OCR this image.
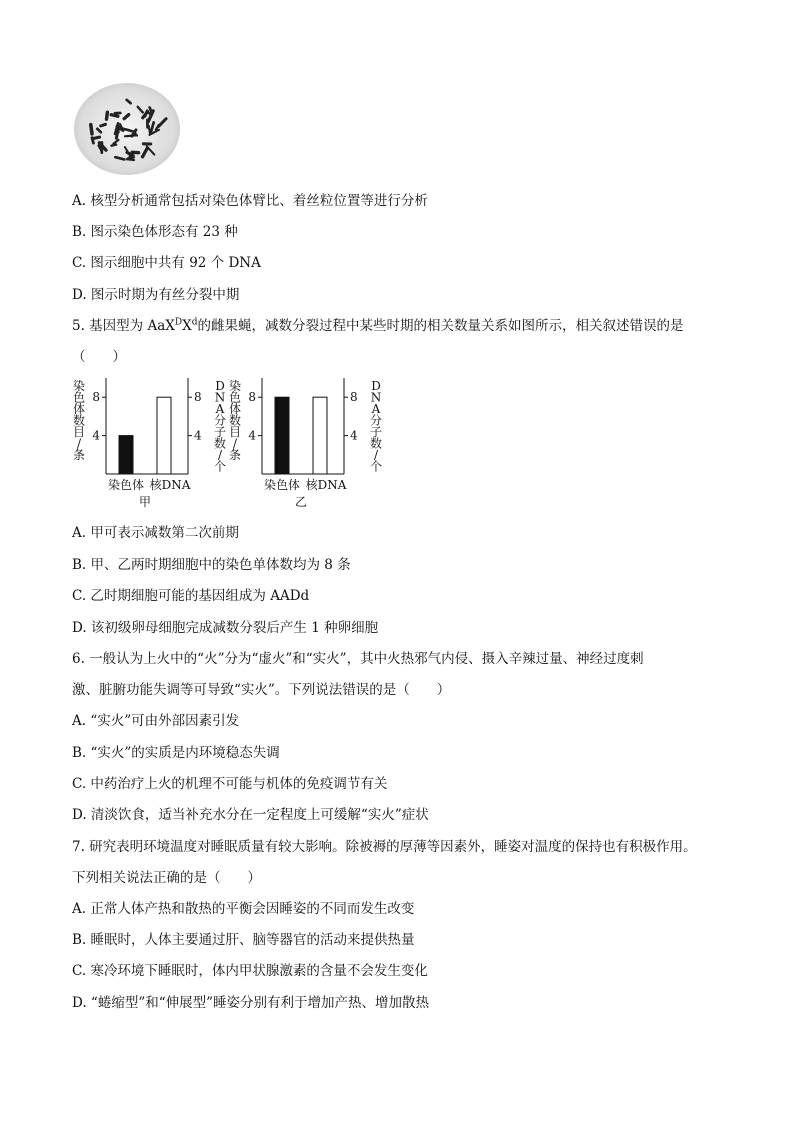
A. 核型分析通常包括对染色体臂比、着丝粒位置等进行分析
B. 图示染色体形态有 23 种
C. 图示细胞中共有 92 个 DNA
D. 图示时期为有丝分裂中期
5. 基因型为 $AaX^DX^d$的雌果蝇，减数分裂过程中某些时期的相关数量关系如图所示，相关叙述错误的是
（　　）
染色体数目/条
D N A 分子数/个
4	4
8	8
染色体 核DNA
甲
染色体数目/条
D N A 分子数/个
4	4
8	8
染色体 核DNA
乙
A. 甲可表示减数第二次前期
B. 甲、乙两时期细胞中的染色单体数均为 8 条
C. 乙时期细胞可能的基因组成为 AADd
D. 该初级卵母细胞完成减数分裂后产生 1 种卵细胞
6. 一般认为上火中的“火”分为“虚火”和“实火”，其中火热邪气内侵、摄入辛辣过量、神经过度刺
激、脏腑功能失调等可导致“实火”。下列说法错误的是（　　）
A. “实火”可由外部因素引发
B. “实火”的实质是内环境稳态失调
C. 中药治疗上火的机理不可能与机体的免疫调节有关
D. 清淡饮食，适当补充水分在一定程度上可缓解“实火”症状
7. 研究表明环境温度对睡眠质量有较大影响。除被褥的厚薄等因素外，睡姿对温度的保持也有积极作用。
下列相关说法正确的是（　　）
A. 正常人体产热和散热的平衡会因睡姿的不同而发生改变
B. 睡眠时，人体主要通过肝、脑等器官的活动来提供热量
C. 寒冷环境下睡眠时，体内甲状腺激素的含量不会发生变化
D. “蜷缩型”和“伸展型”睡姿分别有利于增加产热、增加散热
